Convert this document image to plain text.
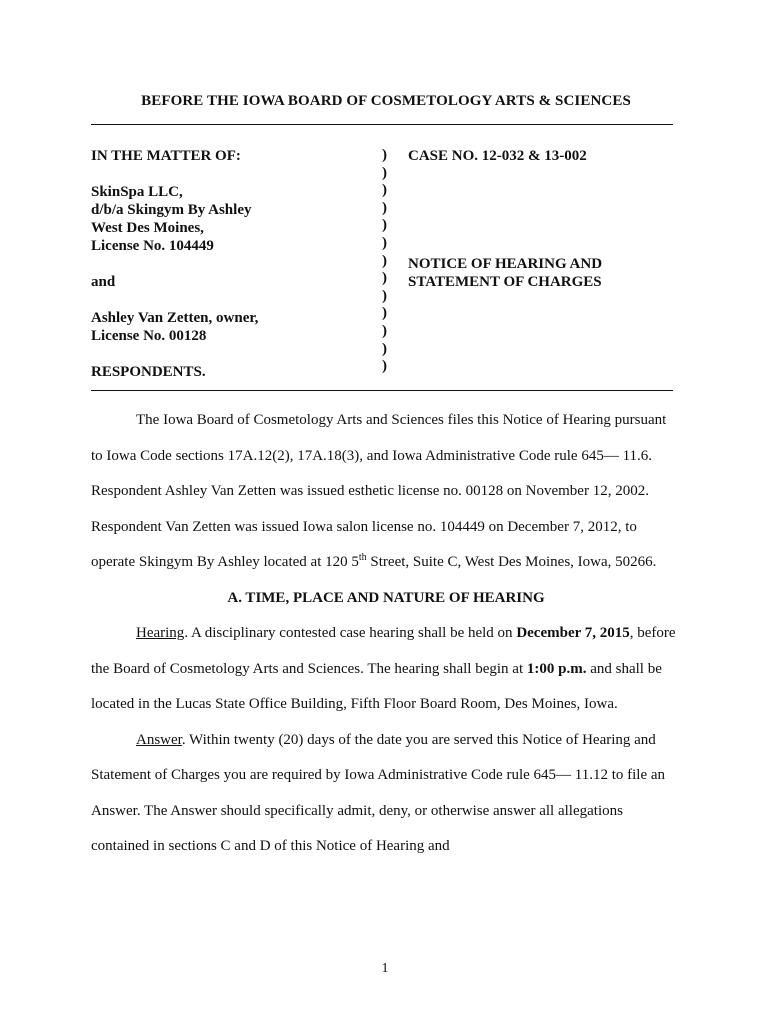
BEFORE THE IOWA BOARD OF COSMETOLOGY ARTS & SCIENCES
IN THE MATTER OF:
SkinSpa LLC,
d/b/a Skingym By Ashley
West Des Moines,
License No. 104449
and
Ashley Van Zetten, owner,
License No. 00128
RESPONDENTS.
)
)
)
)
)
)
)
)
)
)
)
)
)
CASE NO. 12-032 & 13-002
NOTICE OF HEARING AND
STATEMENT OF CHARGES

The Iowa Board of Cosmetology Arts and Sciences files this Notice of Hearing pursuant to Iowa Code sections 17A.12(2), 17A.18(3), and Iowa Administrative Code rule 645— 11.6. Respondent Ashley Van Zetten was issued esthetic license no. 00128 on November 12, 2002. Respondent Van Zetten was issued Iowa salon license no. 104449 on December 7, 2012, to operate Skingym By Ashley located at 120 5th Street, Suite C, West Des Moines, Iowa, 50266.

A. TIME, PLACE AND NATURE OF HEARING

Hearing. A disciplinary contested case hearing shall be held on December 7, 2015, before the Board of Cosmetology Arts and Sciences. The hearing shall begin at 1:00 p.m. and shall be located in the Lucas State Office Building, Fifth Floor Board Room, Des Moines, Iowa.

Answer. Within twenty (20) days of the date you are served this Notice of Hearing and Statement of Charges you are required by Iowa Administrative Code rule 645— 11.12 to file an Answer. The Answer should specifically admit, deny, or otherwise answer all allegations contained in sections C and D of this Notice of Hearing and

1
